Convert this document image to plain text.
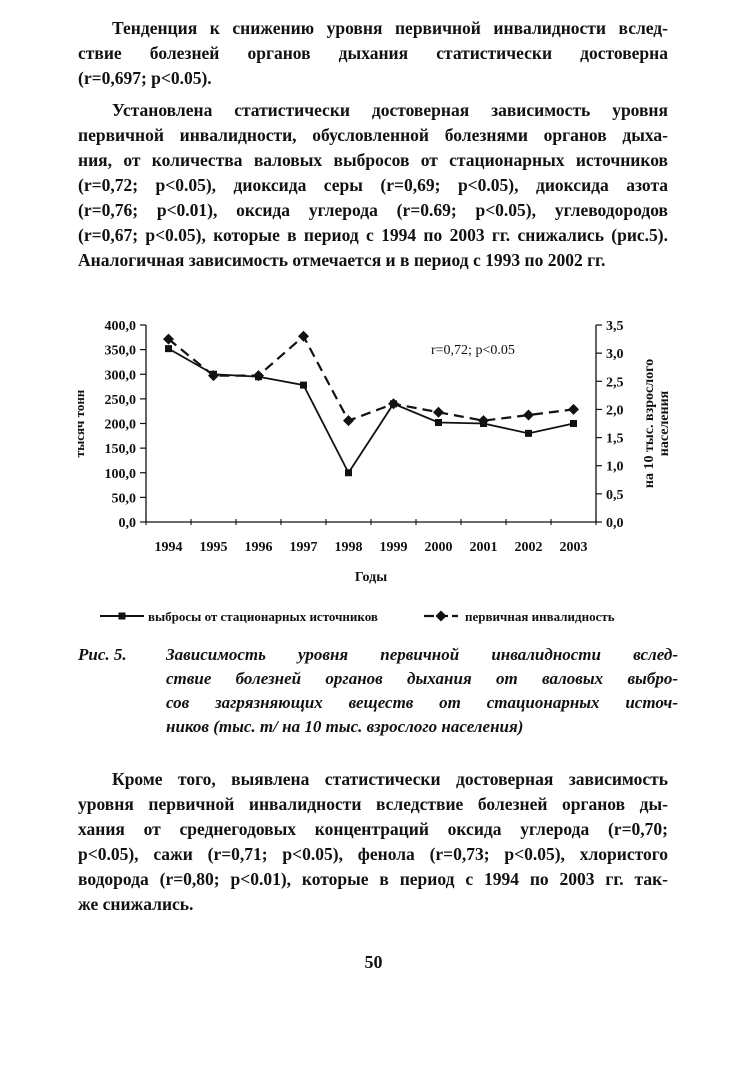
Тенденция к снижению уровня первичной инвалидности вслед-
ствие болезней органов дыхания статистически достоверна
(r=0,697; p<0.05).
Установлена статистически достоверная зависимость уровня
первичной инвалидности, обусловленной болезнями органов дыха-
ния, от количества валовых выбросов от стационарных источников
(r=0,72; p<0.05), диоксида серы (r=0,69; p<0.05), диоксида азота
(r=0,76; p<0.01), оксида углерода (r=0.69; p<0.05), углеводородов
(r=0,67; p<0.05), которые в период с 1994 по 2003 гг. снижались (рис.5).
Аналогичная зависимость отмечается и в период с 1993 по 2002 гг.
0,0
50,0
100,0
150,0
200,0
250,0
300,0
350,0
400,0
0,0
0,5
1,0
1,5
2,0
2,5
3,0
3,5
1994 1995 1996 1997 1998 1999 2000 2001 2002 2003
Годы
тысяч тонн	на 10 тыс. взрослого населения
r=0,72; p<0.05
выбросы от стационарных источников	первичная инвалидность
Рис. 5. Зависимость уровня первичной инвалидности вслед-
ствие болезней органов дыхания от валовых выбро-
сов загрязняющих веществ от стационарных источ-
ников (тыс. т/ на 10 тыс. взрослого населения)
Кроме того, выявлена статистически достоверная зависимость
уровня первичной инвалидности вследствие болезней органов ды-
хания от среднегодовых концентраций оксида углерода (r=0,70;
p<0.05), сажи (r=0,71; p<0.05), фенола (r=0,73; p<0.05), хлористого
водорода (r=0,80; p<0.01), которые в период с 1994 по 2003 гг. так-
же снижались.
50
